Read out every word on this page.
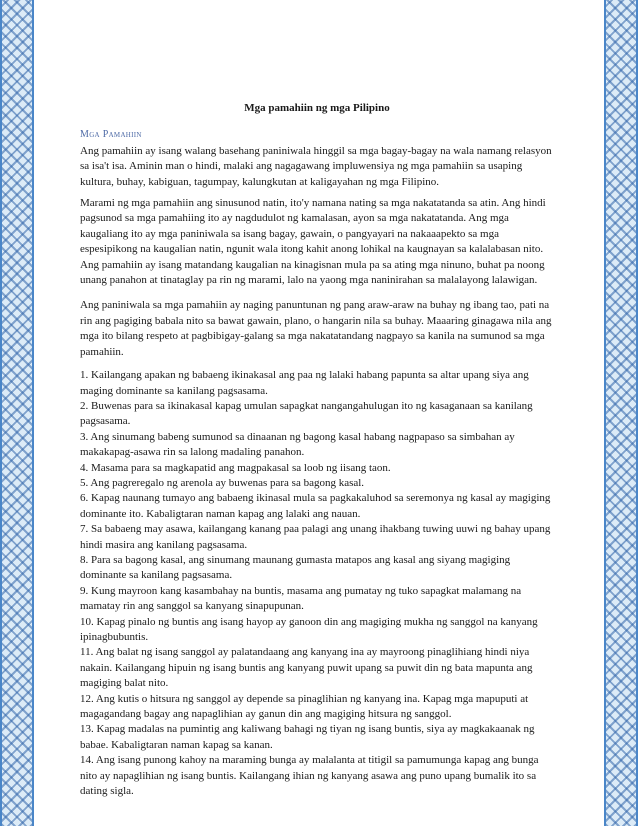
Mga pamahiin ng mga Pilipino
Mga Pamahiin

Ang pamahiin ay isang walang basehang paniniwala hinggil sa mga bagay-bagay na wala namang relasyon sa isa't isa. Aminin man o hindi, malaki ang nagagawang impluwensiya ng mga pamahiin sa usaping kultura, buhay, kabiguan, tagumpay, kalungkutan at kaligayahan ng mga Filipino.

Marami ng mga pamahiin ang sinusunod natin, ito'y namana nating sa mga nakatatanda sa atin. Ang hindi pagsunod sa mga pamahiing ito ay nagdudulot ng kamalasan, ayon sa mga nakatatanda. Ang mga kaugaliang ito ay mga paniniwala sa isang bagay, gawain, o pangyayari na nakaaapekto sa mga espesipikong na kaugalian natin, ngunit wala itong kahit anong lohikal na kaugnayan sa kalalabasan nito. Ang pamahiin ay isang matandang kaugalian na kinagisnan mula pa sa ating mga ninuno, buhat pa noong unang panahon at tinataglay pa rin ng marami, lalo na yaong mga naninirahan sa malalayong lalawigan.

Ang paniniwala sa mga pamahiin ay naging panuntunan ng pang araw-araw na buhay ng ibang tao, pati na rin ang pagiging babala nito sa bawat gawain, plano, o hangarin nila sa buhay. Maaaring ginagawa nila ang mga ito bilang respeto at pagbibigay-galang sa mga nakatatandang nagpayo sa kanila na sumunod sa mga pamahiin.

1. Kailangang apakan ng babaeng ikinakasal ang paa ng lalaki habang papunta sa altar upang siya ang maging dominante sa kanilang pagsasama.
2. Buwenas para sa ikinakasal kapag umulan sapagkat nangangahulugan ito ng kasaganaan sa kanilang pagsasama.
3. Ang sinumang babeng sumunod sa dinaanan ng bagong kasal habang nagpapaso sa simbahan ay makakapag-asawa rin sa lalong madaling panahon.
4. Masama para sa magkapatid ang magpakasal sa loob ng iisang taon.
5. Ang pagreregalo ng arenola ay buwenas para sa bagong kasal.
6. Kapag naunang tumayo ang babaeng ikinasal mula sa pagkakaluhod sa seremonya ng kasal ay magiging dominante ito. Kabaligtaran naman kapag ang lalaki ang nauan.
7. Sa babaeng may asawa, kailangang kanang paa palagi ang unang ihakbang tuwing uuwi ng bahay upang hindi masira ang kanilang pagsasama.
8. Para sa bagong kasal, ang sinumang maunang gumasta matapos ang kasal ang siyang magiging dominante sa kanilang pagsasama.
9. Kung mayroon kang kasambahay na buntis, masama ang pumatay ng tuko sapagkat malamang na mamatay rin ang sanggol sa kanyang sinapupunan.
10. Kapag pinalo ng buntis ang isang hayop ay ganoon din ang magiging mukha ng sanggol na kanyang ipinagbubuntis.
11. Ang balat ng isang sanggol ay palatandaang ang kanyang ina ay mayroong pinaglihiang hindi niya nakain. Kailangang hipuin ng isang buntis ang kanyang puwit upang sa puwit din ng bata mapunta ang magiging balat nito.
12. Ang kutis o hitsura ng sanggol ay depende sa pinaglihian ng kanyang ina. Kapag mga mapuputi at magagandang bagay ang napaglihian ay ganun din ang magiging hitsura ng sanggol.
13. Kapag madalas na pumintig ang kaliwang bahagi ng tiyan ng isang buntis, siya ay magkakaanak ng babae. Kabaligtaran naman kapag sa kanan.
14. Ang isang punong kahoy na maraming bunga ay malalanta at titigil sa pamumunga kapag ang bunga nito ay napaglihian ng isang buntis. Kailangang ihian ng kanyang asawa ang puno upang bumalik ito sa dating sigla.
